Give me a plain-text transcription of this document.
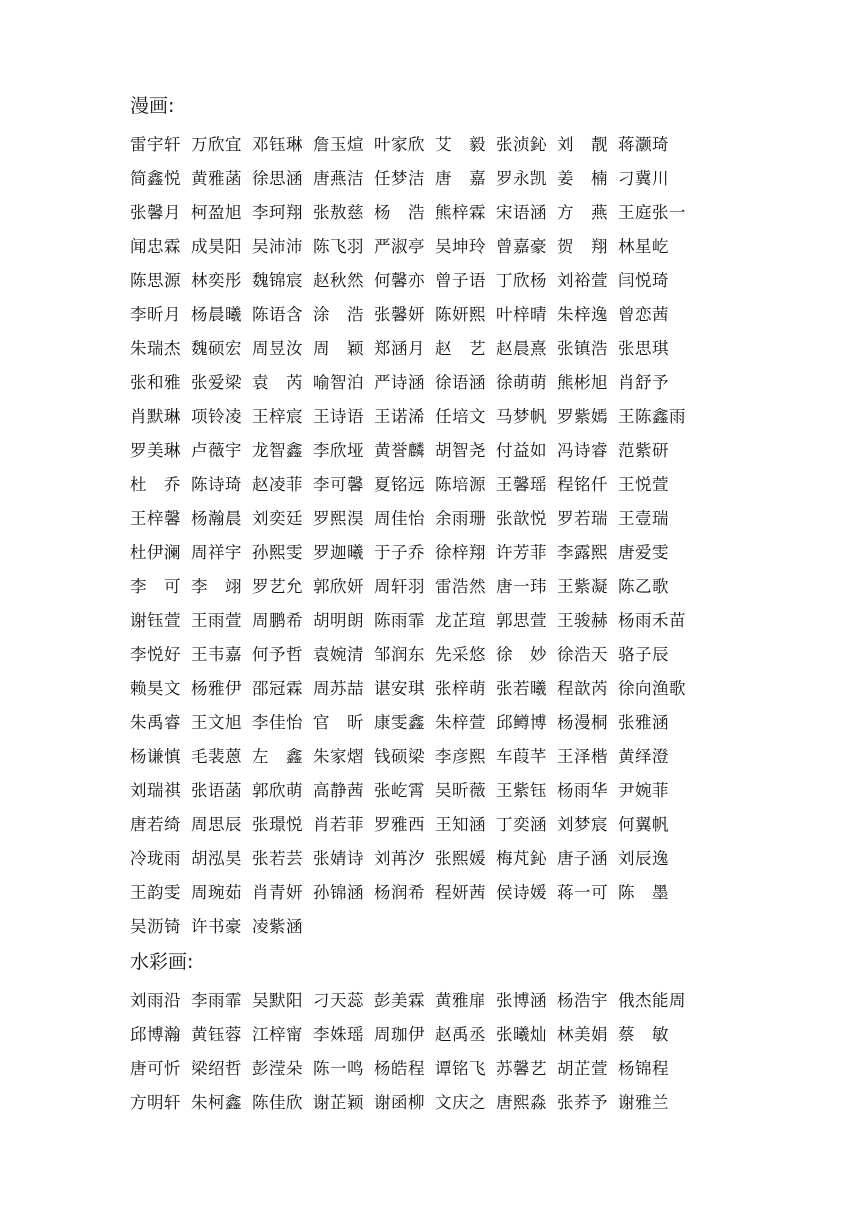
漫画:
雷宇轩 万欣宜 邓钰琳 詹玉煊 叶家欣 艾　毅 张浈鈊 刘　靓 蒋灏琦
简鑫悦 黄雅菡 徐思涵 唐燕洁 任梦洁 唐　嘉 罗永凯 姜　楠 刁冀川
张馨月 柯盈旭 李珂翔 张敖慈 杨　浩 熊梓霖 宋语涵 方　燕 王庭张一
闻忠霖 成昊阳 吴沛沛 陈飞羽 严淑亭 吴坤玲 曾嘉豪 贺　翔 林星屹
陈思源 林奕彤 魏锦宸 赵秋然 何馨亦 曾子语 丁欣杨 刘裕萱 闫悦琦
李昕月 杨晨曦 陈语含 涂　浩 张馨妍 陈妍熙 叶梓晴 朱梓逸 曾恋茜
朱瑞杰 魏硕宏 周昱汝 周　颖 郑涵月 赵　艺 赵晨熹 张镇浩 张思琪
张和雅 张爱梁 袁　芮 喻智泊 严诗涵 徐语涵 徐萌萌 熊彬旭 肖舒予
肖默琳 项铃凌 王梓宸 王诗语 王诺浠 任培文 马梦帆 罗紫嫣 王陈鑫雨
罗美琳 卢薇宇 龙智鑫 李欣垭 黄誉麟 胡智尧 付益如 冯诗睿 范紫研
杜　乔 陈诗琦 赵凌菲 李可馨 夏铭远 陈培源 王馨瑶 程铭仟 王悦萱
王梓馨 杨瀚晨 刘奕廷 罗熙淏 周佳怡 余雨珊 张歆悦 罗若瑞 王壹瑞
杜伊澜 周祥宇 孙熙雯 罗迦曦 于子乔 徐梓翔 许芳菲 李露熙 唐爱雯
李　可 李　翊 罗艺允 郭欣妍 周轩羽 雷浩然 唐一玮 王紫凝 陈乙歌
谢钰萱 王雨萱 周鹏希 胡明朗 陈雨霏 龙芷瑄 郭思萱 王骏赫 杨雨禾苗
李悦好 王韦嘉 何予哲 袁婉清 邹润东 先采悠 徐　妙 徐浩天 骆子辰
赖昊文 杨雅伊 邵冠霖 周苏喆 谌安琪 张梓萌 张若曦 程歆芮 徐向渔歌
朱禹睿 王文旭 李佳怡 官　昕 康雯鑫 朱梓萱 邱鳟博 杨漫桐 张雅涵
杨谦慎 毛裴蒽 左　鑫 朱家熠 钱硕梁 李彦熙 车葭芊 王泽楷 黄绎澄
刘瑞祺 张语菡 郭欣萌 高静茜 张屹霄 吴昕薇 王紫钰 杨雨华 尹婉菲
唐若绮 周思辰 张璟悦 肖若菲 罗雅西 王知涵 丁奕涵 刘梦宸 何翼帆
冷珑雨 胡泓昊 张若芸 张婧诗 刘苒汐 张熙媛 梅芃鈊 唐子涵 刘辰逸
王韵雯 周琬茹 肖青妍 孙锦涵 杨润希 程妍茜 侯诗媛 蒋一可 陈　墨
吴沥锜 许书豪 凌紫涵
水彩画:
刘雨沿 李雨霏 吴默阳 刁天蕊 彭美霖 黄雅扉 张博涵 杨浩宇 俄杰能周
邱博瀚 黄钰蓉 江梓甯 李姝瑶 周珈伊 赵禹丞 张曦灿 林美娟 蔡　敏
唐可忻 梁绍哲 彭滢朵 陈一鸣 杨皓程 谭铭飞 苏馨艺 胡芷萱 杨锦程
方明轩 朱柯鑫 陈佳欣 谢芷颖 谢函柳 文庆之 唐熙淼 张荞予 谢雅兰
